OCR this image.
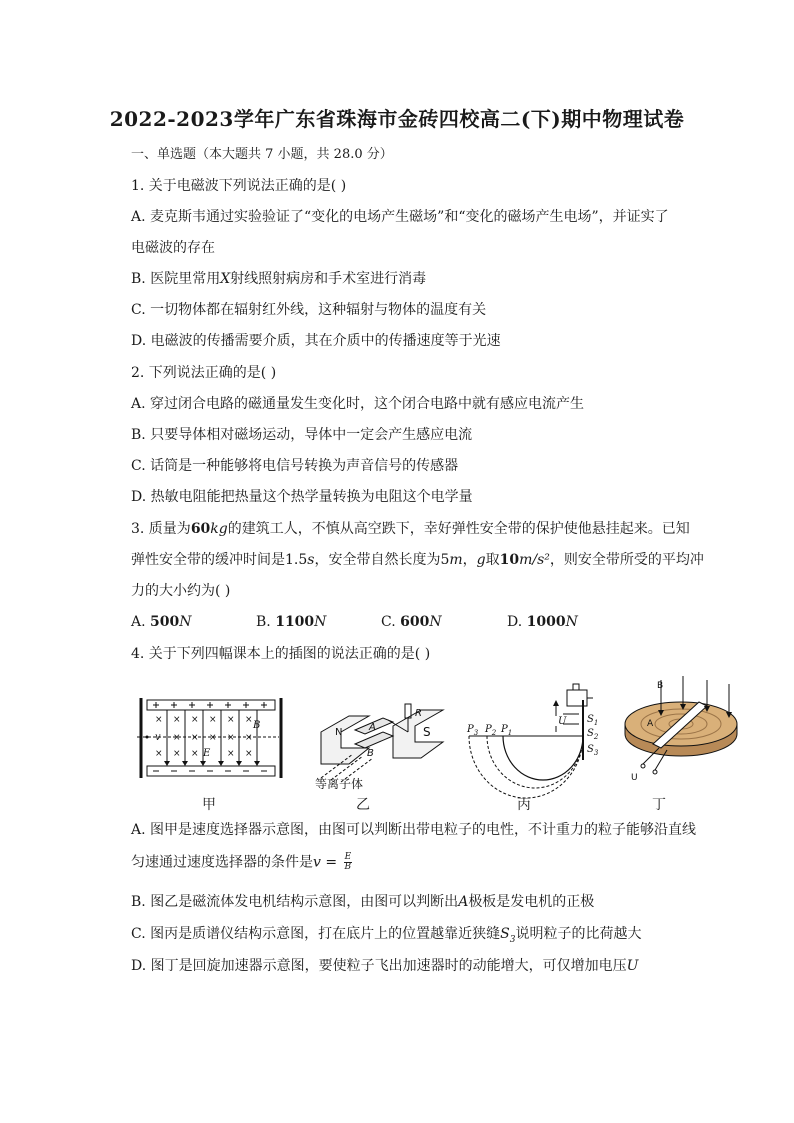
2022-2023学年广东省珠海市金砖四校高二(下)期中物理试卷
一、单选题（本大题共 7 小题，共 28.0 分）
1. 关于电磁波下列说法正确的是( )
A. 麦克斯韦通过实验验证了“变化的电场产生磁场”和“变化的磁场产生电场”，并证实了
电磁波的存在
B. 医院里常用X射线照射病房和手术室进行消毒
C. 一切物体都在辐射红外线，这种辐射与物体的温度有关
D. 电磁波的传播需要介质，其在介质中的传播速度等于光速
2. 下列说法正确的是( )
A. 穿过闭合电路的磁通量发生变化时，这个闭合电路中就有感应电流产生
B. 只要导体相对磁场运动，导体中一定会产生感应电流
C. 话筒是一种能够将电信号转换为声音信号的传感器
D. 热敏电阻能把热量这个热学量转换为电阻这个电学量
3. 质量为60kg的建筑工人，不慎从高空跌下，幸好弹性安全带的保护使他悬挂起来。已知
弹性安全带的缓冲时间是1.5s，安全带自然长度为5m，g取10m/s²，则安全带所受的平均冲
力的大小约为( )
A. 500N	B. 1100N	C. 600N	D. 1000N
4. 关于下列四幅课本上的插图的说法正确的是( )
× × × × × ×
× × × × ×
× × ×	× ×
v
B
E
N	A
B
S
R
等离子体
U
$P_3$ $P_2$ $P_1$
$S_1$
$S_2$
$S_3$
B
A
U
甲	乙	丙	丁
A. 图甲是速度选择器示意图，由图可以判断出带电粒子的电性，不计重力的粒子能够沿直线
匀速通过速度选择器的条件是$v = \frac{E}{B}$
B. 图乙是磁流体发电机结构示意图，由图可以判断出A极板是发电机的正极
C. 图丙是质谱仪结构示意图，打在底片上的位置越靠近狭缝$S_3$说明粒子的比荷越大
D. 图丁是回旋加速器示意图，要使粒子飞出加速器时的动能增大，可仅增加电压U
